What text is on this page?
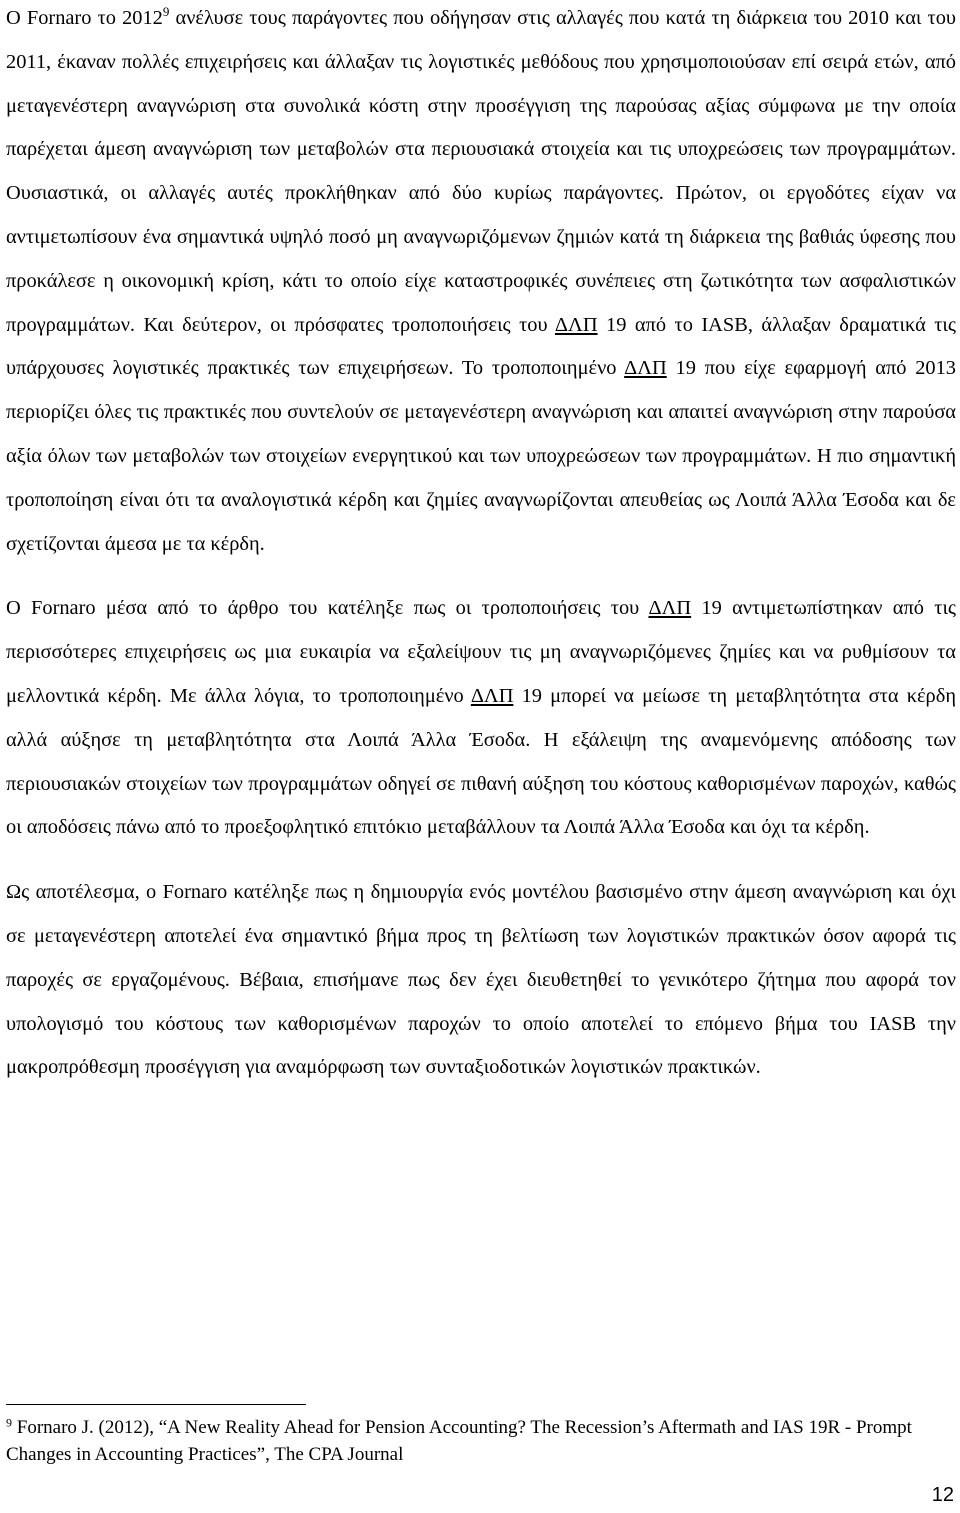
Ο Fornaro το 2012$^9$ ανέλυσε τους παράγοντες που οδήγησαν στις αλλαγές που κατά τη διάρκεια του 2010 και του 2011, έκαναν πολλές επιχειρήσεις και άλλαξαν τις λογιστικές μεθόδους που χρησιμοποιούσαν επί σειρά ετών, από μεταγενέστερη αναγνώριση στα συνολικά κόστη στην προσέγγιση της παρούσας αξίας σύμφωνα με την οποία παρέχεται άμεση αναγνώριση των μεταβολών στα περιουσιακά στοιχεία και τις υποχρεώσεις των προγραμμάτων. Ουσιαστικά, οι αλλαγές αυτές προκλήθηκαν από δύο κυρίως παράγοντες. Πρώτον, οι εργοδότες είχαν να αντιμετωπίσουν ένα σημαντικά υψηλό ποσό μη αναγνωριζόμενων ζημιών κατά τη διάρκεια της βαθιάς ύφεσης που προκάλεσε η οικονομική κρίση, κάτι το οποίο είχε καταστροφικές συνέπειες στη ζωτικότητα των ασφαλιστικών προγραμμάτων. Και δεύτερον, οι πρόσφατες τροποποιήσεις του ΔΛΠ 19 από το IASB, άλλαξαν δραματικά τις υπάρχουσες λογιστικές πρακτικές των επιχειρήσεων. Το τροποποιημένο ΔΛΠ 19 που είχε εφαρμογή από 2013 περιορίζει όλες τις πρακτικές που συντελούν σε μεταγενέστερη αναγνώριση και απαιτεί αναγνώριση στην παρούσα αξία όλων των μεταβολών των στοιχείων ενεργητικού και των υποχρεώσεων των προγραμμάτων. Η πιο σημαντική τροποποίηση είναι ότι τα αναλογιστικά κέρδη και ζημίες αναγνωρίζονται απευθείας ως Λοιπά Άλλα Έσοδα και δε σχετίζονται άμεσα με τα κέρδη.

Ο Fornaro μέσα από το άρθρο του κατέληξε πως οι τροποποιήσεις του ΔΛΠ 19 αντιμετωπίστηκαν από τις περισσότερες επιχειρήσεις ως μια ευκαιρία να εξαλείψουν τις μη αναγνωριζόμενες ζημίες και να ρυθμίσουν τα μελλοντικά κέρδη. Με άλλα λόγια, το τροποποιημένο ΔΛΠ 19 μπορεί να μείωσε τη μεταβλητότητα στα κέρδη αλλά αύξησε τη μεταβλητότητα στα Λοιπά Άλλα Έσοδα. Η εξάλειψη της αναμενόμενης απόδοσης των περιουσιακών στοιχείων των προγραμμάτων οδηγεί σε πιθανή αύξηση του κόστους καθορισμένων παροχών, καθώς οι αποδόσεις πάνω από το προεξοφλητικό επιτόκιο μεταβάλλουν τα Λοιπά Άλλα Έσοδα και όχι τα κέρδη.

Ως αποτέλεσμα, ο Fornaro κατέληξε πως η δημιουργία ενός μοντέλου βασισμένο στην άμεση αναγνώριση και όχι σε μεταγενέστερη αποτελεί ένα σημαντικό βήμα προς τη βελτίωση των λογιστικών πρακτικών όσον αφορά τις παροχές σε εργαζομένους. Βέβαια, επισήμανε πως δεν έχει διευθετηθεί το γενικότερο ζήτημα που αφορά τον υπολογισμό του κόστους των καθορισμένων παροχών το οποίο αποτελεί το επόμενο βήμα του IASB την μακροπρόθεσμη προσέγγιση για αναμόρφωση των συνταξιοδοτικών λογιστικών πρακτικών.

$^9$ Fornaro J. (2012), “A New Reality Ahead for Pension Accounting? The Recession’s Aftermath and IAS 19R - Prompt Changes in Accounting Practices”, The CPA Journal

12
